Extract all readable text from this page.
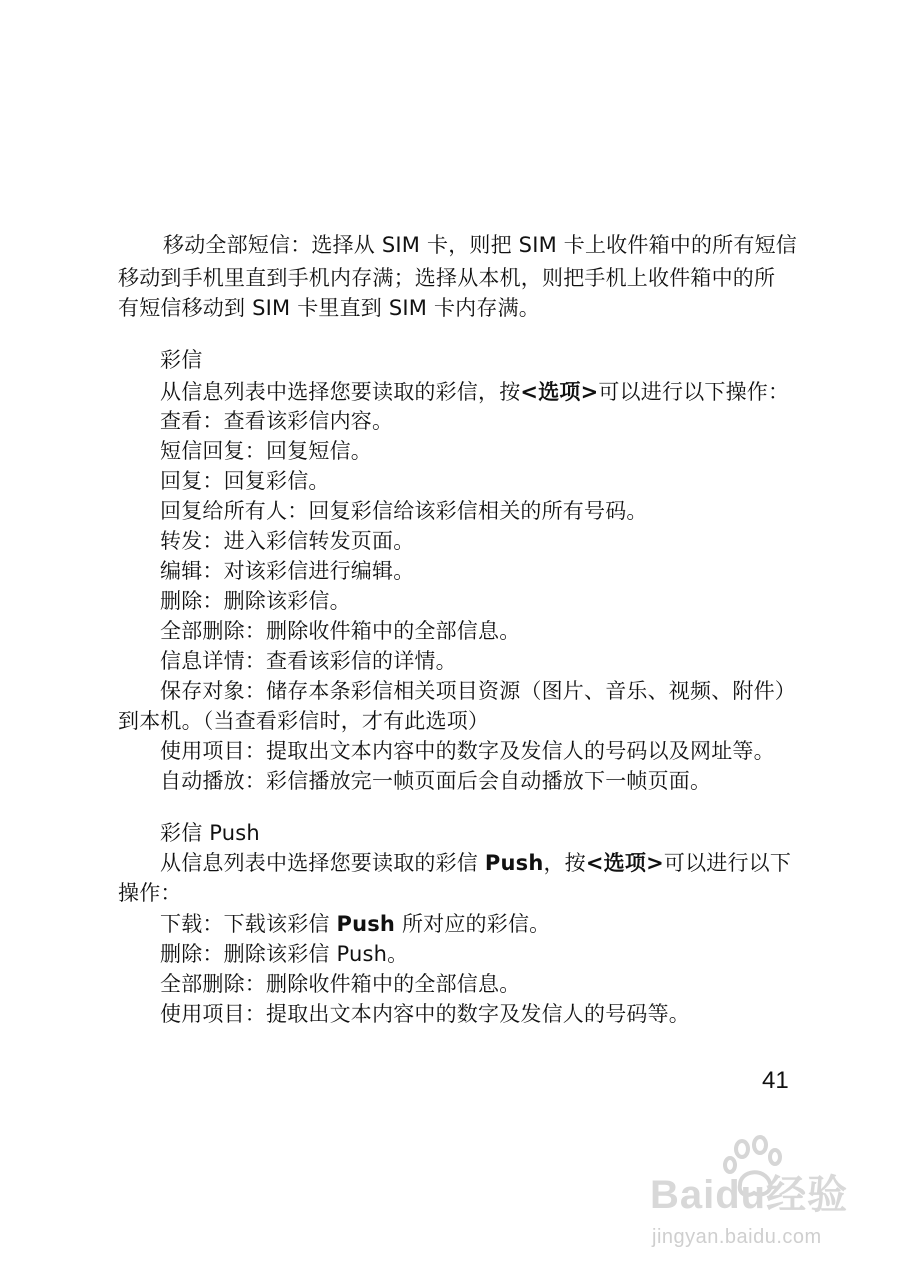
移动全部短信：选择从 SIM 卡，则把 SIM 卡上收件箱中的所有短信
移动到手机里直到手机内存满；选择从本机，则把手机上收件箱中的所
有短信移动到 SIM 卡里直到 SIM 卡内存满。
彩信
从信息列表中选择您要读取的彩信，按<选项>可以进行以下操作：
查看：查看该彩信内容。
短信回复：回复短信。
回复：回复彩信。
回复给所有人：回复彩信给该彩信相关的所有号码。
转发：进入彩信转发页面。
编辑：对该彩信进行编辑。
删除：删除该彩信。
全部删除：删除收件箱中的全部信息。
信息详情：查看该彩信的详情。
保存对象：储存本条彩信相关项目资源（图片、音乐、视频、附件）
到本机。（当查看彩信时，才有此选项）
使用项目：提取出文本内容中的数字及发信人的号码以及网址等。
自动播放：彩信播放完一帧页面后会自动播放下一帧页面。
彩信 Push
从信息列表中选择您要读取的彩信 Push，按<选项>可以进行以下
操作：
下载：下载该彩信 Push 所对应的彩信。
删除：删除该彩信 Push。
全部删除：删除收件箱中的全部信息。
使用项目：提取出文本内容中的数字及发信人的号码等。
41
Baidu经验
jingyan.baidu.com
